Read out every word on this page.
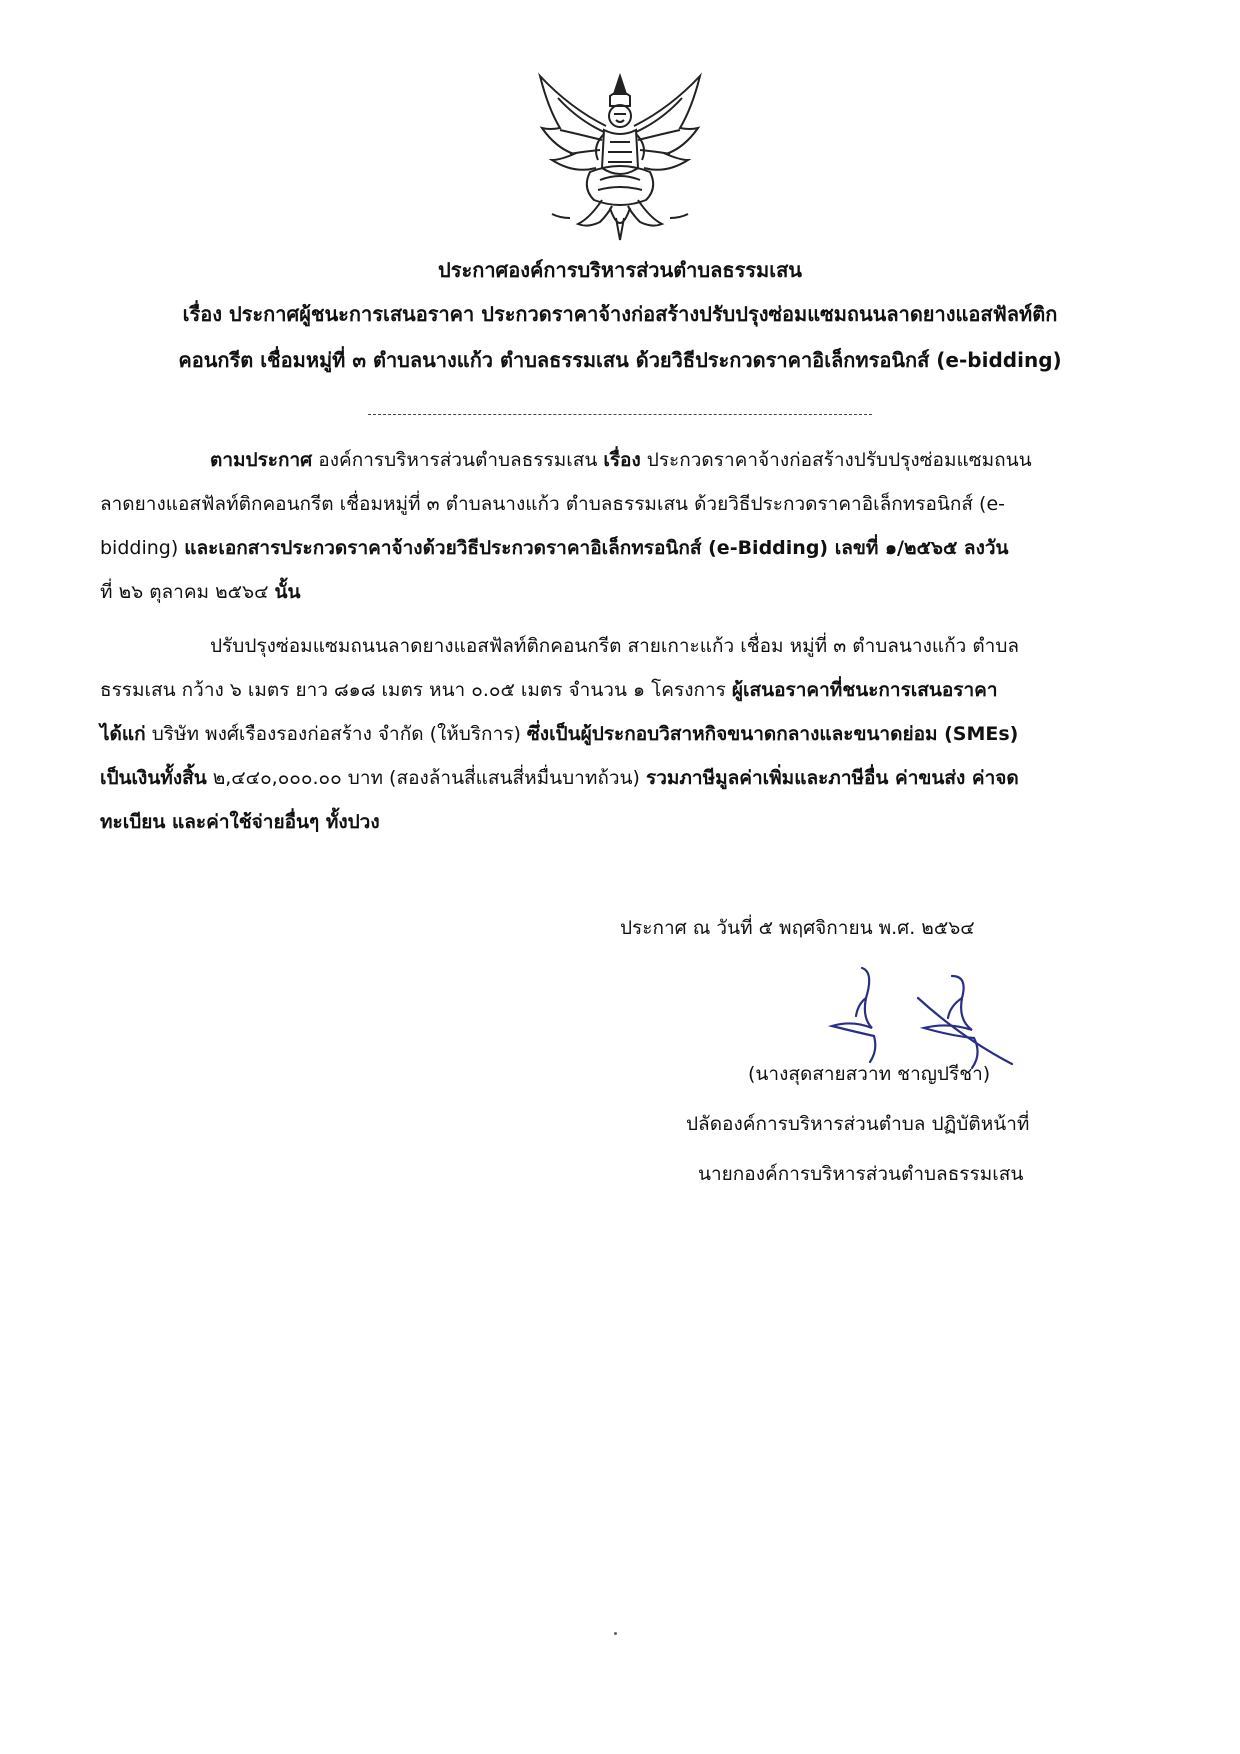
ประกาศองค์การบริหารส่วนตำบลธรรมเสน
เรื่อง ประกาศผู้ชนะการเสนอราคา ประกวดราคาจ้างก่อสร้างปรับปรุงซ่อมแซมถนนลาดยางแอสฟัลท์ติก
คอนกรีต เชื่อมหมู่ที่ ๓ ตำบลนางแก้ว ตำบลธรรมเสน ด้วยวิธีประกวดราคาอิเล็กทรอนิกส์ (e-bidding)
ตามประกาศ องค์การบริหารส่วนตำบลธรรมเสน เรื่อง ประกวดราคาจ้างก่อสร้างปรับปรุงซ่อมแซมถนน
ลาดยางแอสฟัลท์ติกคอนกรีต เชื่อมหมู่ที่ ๓ ตำบลนางแก้ว ตำบลธรรมเสน ด้วยวิธีประกวดราคาอิเล็กทรอนิกส์ (e-
bidding) และเอกสารประกวดราคาจ้างด้วยวิธีประกวดราคาอิเล็กทรอนิกส์ (e-Bidding) เลขที่ ๑/๒๕๖๕ ลงวัน
ที่ ๒๖ ตุลาคม ๒๕๖๔ นั้น
ปรับปรุงซ่อมแซมถนนลาดยางแอสฟัลท์ติกคอนกรีต สายเกาะแก้ว เชื่อม หมู่ที่ ๓ ตำบลนางแก้ว ตำบล
ธรรมเสน กว้าง ๖ เมตร ยาว ๘๑๘ เมตร หนา ๐.๐๕ เมตร จำนวน ๑ โครงการ ผู้เสนอราคาที่ชนะการเสนอราคา
ได้แก่ บริษัท พงศ์เรืองรองก่อสร้าง จำกัด (ให้บริการ) ซึ่งเป็นผู้ประกอบวิสาหกิจขนาดกลางและขนาดย่อม (SMEs)
เป็นเงินทั้งสิ้น ๒,๔๔๐,๐๐๐.๐๐ บาท (สองล้านสี่แสนสี่หมื่นบาทถ้วน) รวมภาษีมูลค่าเพิ่มและภาษีอื่น ค่าขนส่ง ค่าจด
ทะเบียน และค่าใช้จ่ายอื่นๆ ทั้งปวง
ประกาศ ณ วันที่ ๕ พฤศจิกายน พ.ศ. ๒๕๖๔
(นางสุดสายสวาท ชาญปรีชา)
ปลัดองค์การบริหารส่วนตำบล ปฏิบัติหน้าที่
นายกองค์การบริหารส่วนตำบลธรรมเสน
